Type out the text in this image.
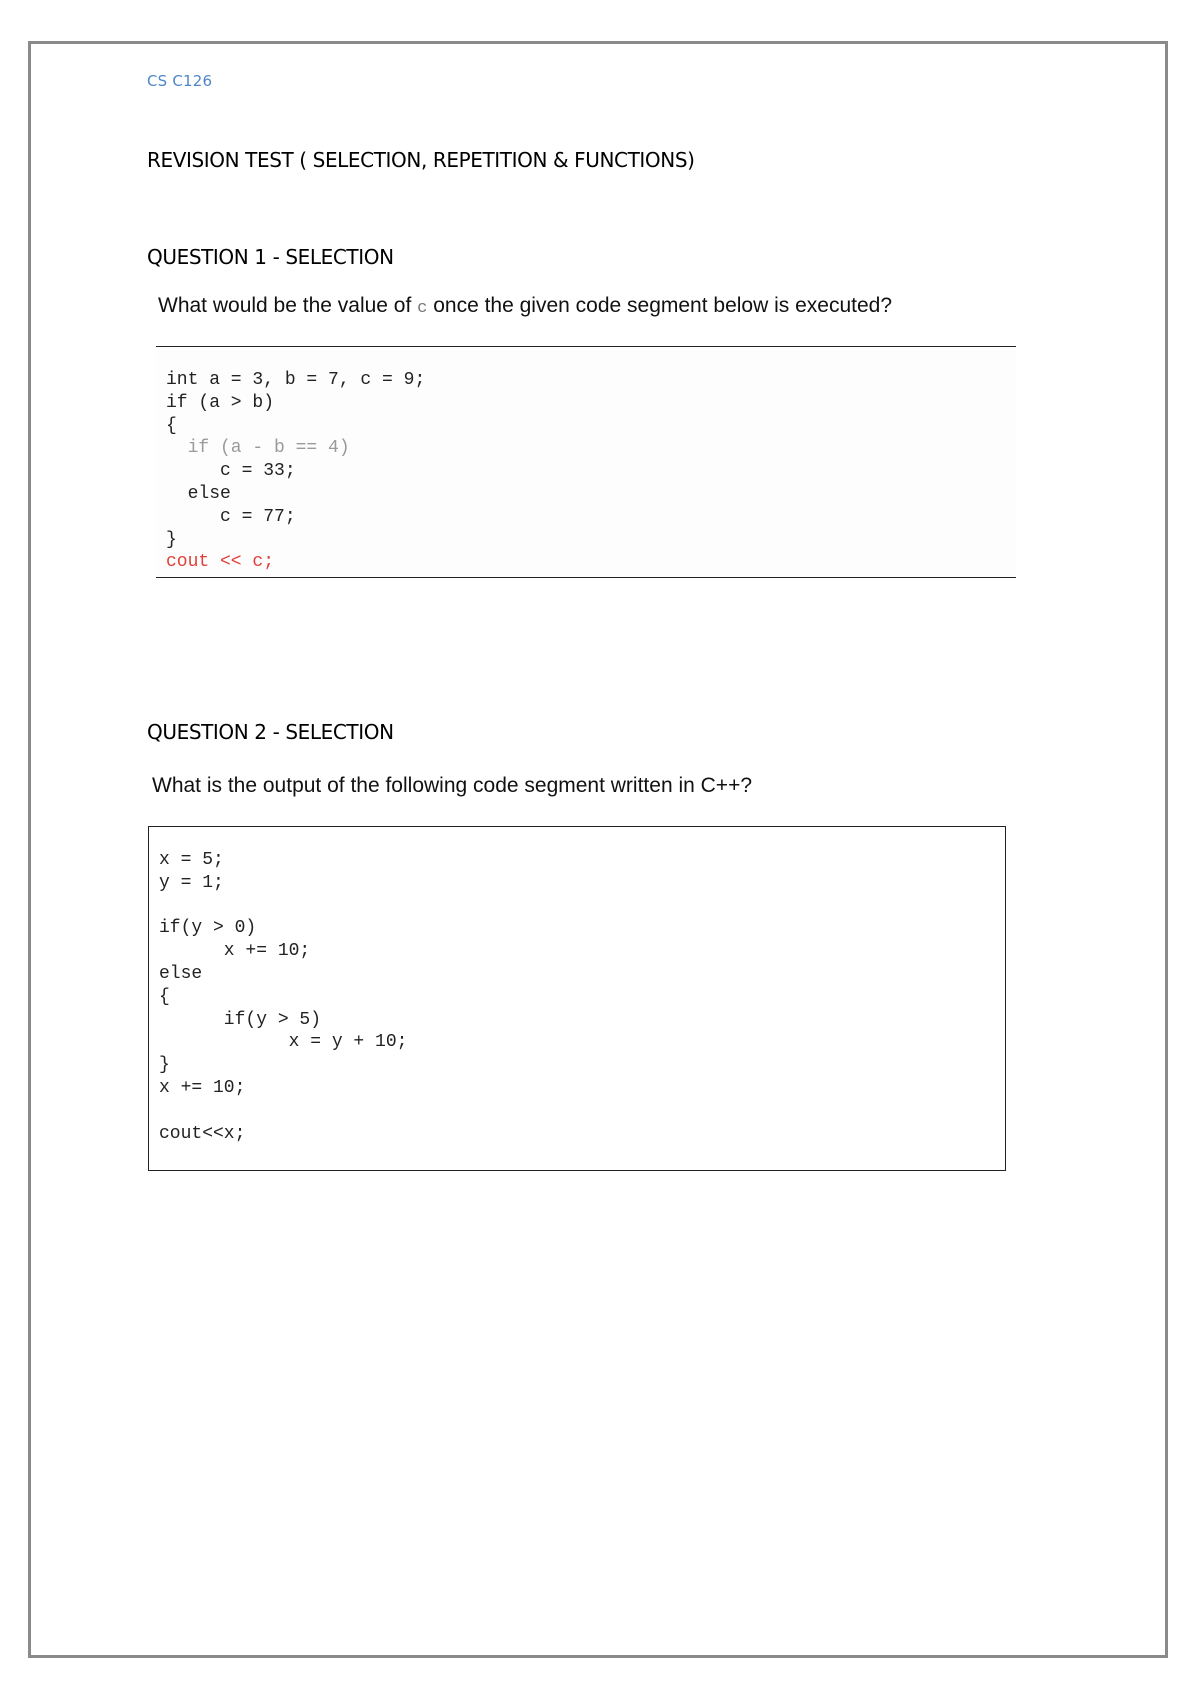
CS C126
REVISION TEST ( SELECTION, REPETITION & FUNCTIONS)
QUESTION 1 - SELECTION
What would be the value of c once the given code segment below is executed?
int a = 3, b = 7, c = 9;
if (a > b)
{
if (a - b == 4)
c = 33;
else
c = 77;
}
cout << c;
QUESTION 2 - SELECTION
What is the output of the following code segment written in C++?
x = 5;
y = 1;
if(y > 0)
x += 10;
else
{
if(y > 5)
x = y + 10;
}
x += 10;
cout<<x;
